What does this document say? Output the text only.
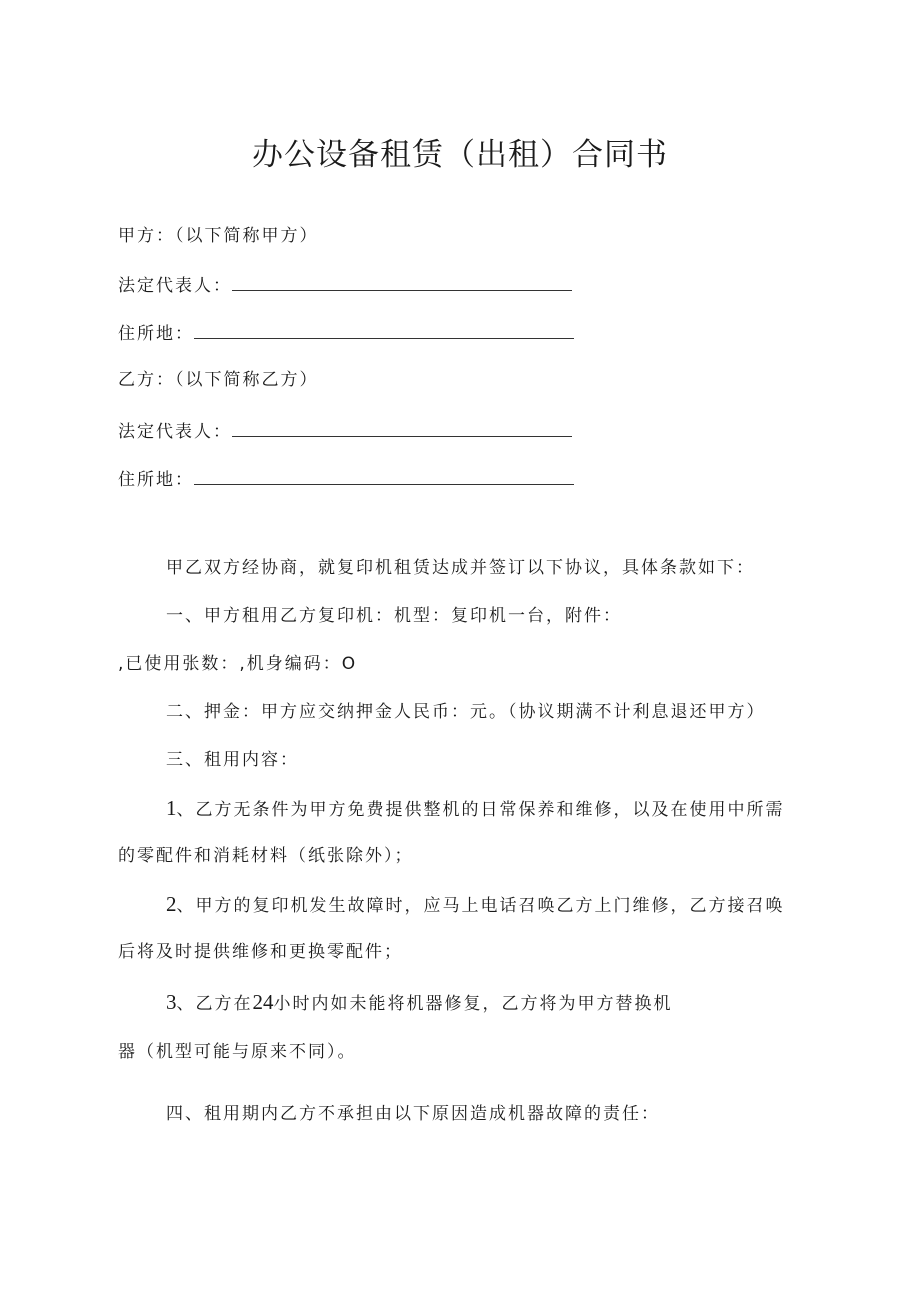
办公设备租赁（出租）合同书
甲方：（以下简称甲方）
法定代表人：
住所地：
乙方：（以下简称乙方）
法定代表人：
住所地：
甲乙双方经协商，就复印机租赁达成并签订以下协议，具体条款如下：
一、甲方租用乙方复印机：机型：复印机一台，附件：
,已使用张数：,机身编码：O
二、押金：甲方应交纳押金人民币：元。（协议期满不计利息退还甲方）
三、租用内容：
1、乙方无条件为甲方免费提供整机的日常保养和维修，以及在使用中所需
的零配件和消耗材料（纸张除外）；
2、甲方的复印机发生故障时，应马上电话召唤乙方上门维修，乙方接召唤
后将及时提供维修和更换零配件；
3、乙方在24小时内如未能将机器修复，乙方将为甲方替换机
器（机型可能与原来不同）。
四、租用期内乙方不承担由以下原因造成机器故障的责任：
